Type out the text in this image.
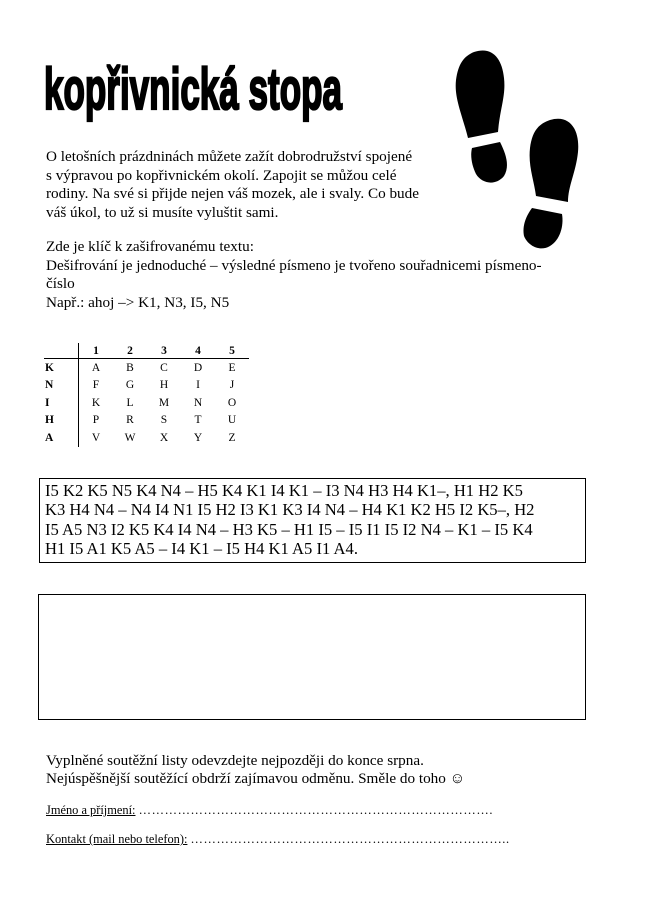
kopřivnická stopa

O letošních prázdninách můžete zažít dobrodružství spojené

s výpravou po kopřivnickém okolí. Zapojit se můžou celé

rodiny. Na své si přijde nejen váš mozek, ale i svaly. Co bude

váš úkol, to už si musíte vyluštit sami.

Zde je klíč k zašifrovanému textu:

Dešifrování je jednoduché – výsledné písmeno je tvořeno souřadnicemi písmeno-

číslo

Např.: ahoj –> K1, N3, I5, N5

	1	2	3	4	5
K	A	B	C	D	E
N	F	G	H	I	J
I	K	L	M	N	O
H	P	R	S	T	U
A	V	W	X	Y	Z

I5 K2 K5 N5 K4 N4 – H5 K4 K1 I4 K1 – I3 N4 H3 H4 K1–, H1 H2 K5

K3 H4 N4 – N4 I4 N1 I5 H2 I3 K1 K3 I4 N4 – H4 K1 K2 H5 I2 K5–, H2

I5 A5 N3 I2 K5 K4 I4 N4 – H3 K5 – H1 I5 – I5 I1 I5 I2 N4 – K1 – I5 K4

H1 I5 A1 K5 A5 – I4 K1 – I5 H4 K1 A5 I1 A4.

Vyplněné soutěžní listy odevzdejte nejpozději do konce srpna.

Nejúspěšnější soutěžící obdrží zajímavou odměnu. Směle do toho ☺

Jméno a příjmení: ……………………………………………………………………….
Kontakt (mail nebo telefon): ………………………………………………………………..
